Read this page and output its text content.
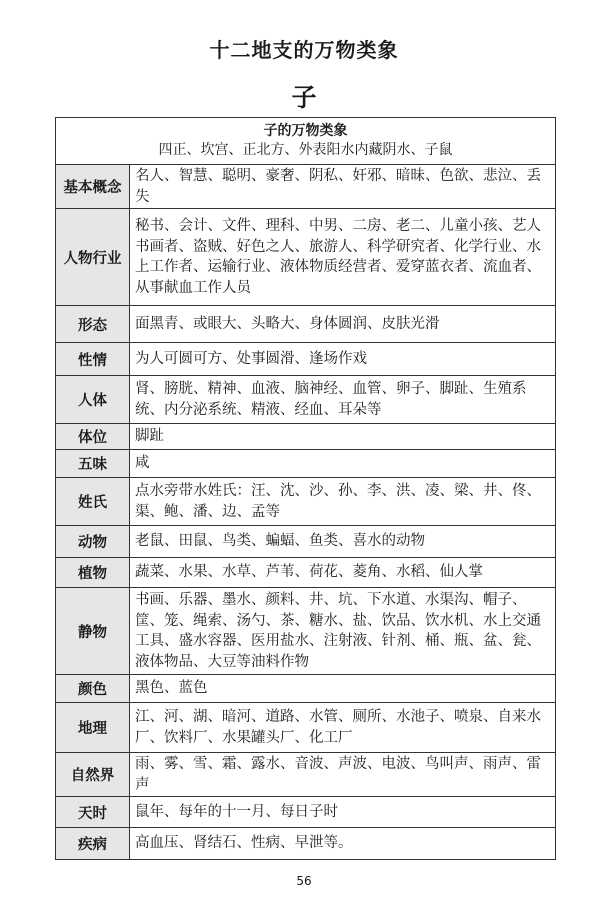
十二地支的万物类象
子
子的万物类象
四正、坎宫、正北方、外表阳水内藏阴水、子鼠	

基本概念	名人、智慧、聪明、豪奢、阴私、奸邪、暗昧、色欲、悲泣、丢失
人物行业	秘书、会计、文件、理科、中男、二房、老二、儿童小孩、艺人书画者、盗贼、好色之人、旅游人、科学研究者、化学行业、水上工作者、运输行业、液体物质经营者、爱穿蓝衣者、流血者、从事献血工作人员
形态	面黑青、或眼大、头略大、身体圆润、皮肤光滑
性情	为人可圆可方、处事圆滑、逢场作戏
人体	肾、膀胱、精神、血液、脑神经、血管、卵子、脚趾、生殖系统、内分泌系统、精液、经血、耳朵等
体位	脚趾
五味	咸
姓氏	点水旁带水姓氏：汪、沈、沙、孙、李、洪、凌、梁、井、佟、渠、鲍、潘、边、孟等
动物	老鼠、田鼠、鸟类、蝙蝠、鱼类、喜水的动物
植物	蔬菜、水果、水草、芦苇、荷花、菱角、水稻、仙人掌
静物	书画、乐器、墨水、颜料、井、坑、下水道、水渠沟、帽子、筐、笼、绳索、汤勺、茶、糖水、盐、饮品、饮水机、水上交通工具、盛水容器、医用盐水、注射液、针剂、桶、瓶、盆、瓮、液体物品、大豆等油料作物
颜色	黑色、蓝色
地理	江、河、湖、暗河、道路、水管、厕所、水池子、喷泉、自来水厂、饮料厂、水果罐头厂、化工厂
自然界	雨、雾、雪、霜、露水、音波、声波、电波、鸟叫声、雨声、雷声
天时	鼠年、每年的十一月、每日子时
疾病	高血压、肾结石、性病、早泄等。
56
